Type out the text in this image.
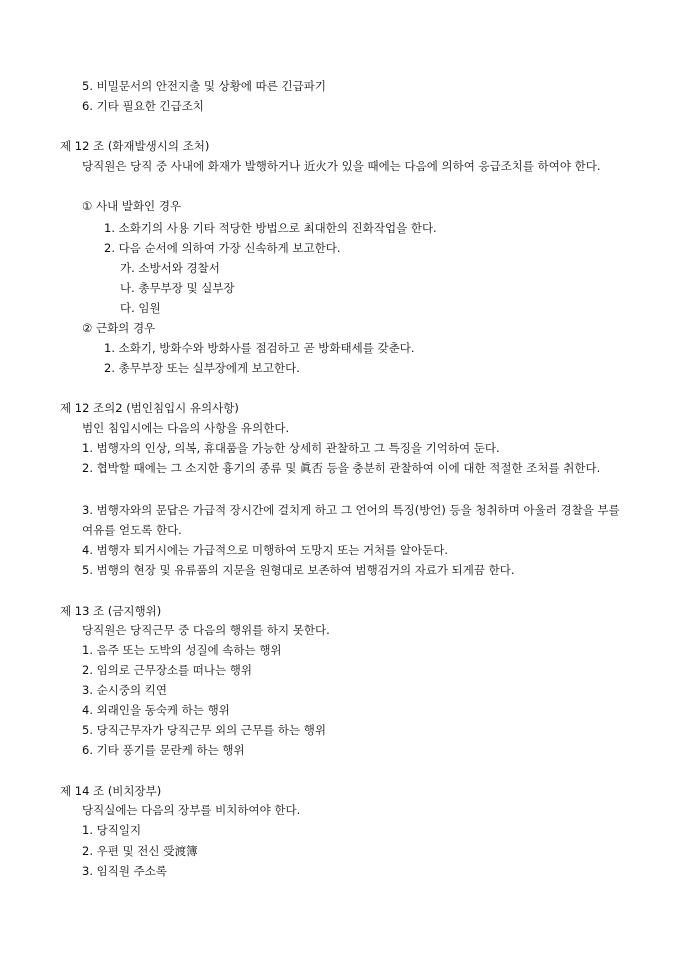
5. 비밀문서의 안전지출 및 상황에 따른 긴급파기
6. 기타 필요한 긴급조치
제 12 조 (화재발생시의 조처)
당직원은 당직 중 사내에 화재가 발행하거나 近火가 있을 때에는 다음에 의하여 응급조치를 하여야 한다.
① 사내 발화인 경우
1. 소화기의 사용 기타 적당한 방법으로 최대한의 진화작업을 한다.
2. 다음 순서에 의하여 가장 신속하게 보고한다.
가. 소방서와 경찰서
나. 총무부장 및 실부장
다. 임원
② 근화의 경우
1. 소화기, 방화수와 방화사를 점검하고 곧 방화태세를 갖춘다.
2. 총무부장 또는 실부장에게 보고한다.
제 12 조의2 (범인침입시 유의사항)
범인 침입시에는 다음의 사항을 유의한다.
1. 범행자의 인상, 의복, 휴대품을 가능한 상세히 관찰하고 그 특징을 기억하여 둔다.
2. 협박할 때에는 그 소지한 흉기의 종류 및 眞否 등을 충분히 관찰하여 이에 대한 적절한 조처를 취한다.
3. 범행자와의 문답은 가급적 장시간에 걸치게 하고 그 언어의 특징(방언) 등을 청취하며 아울러 경찰을 부를 여유를 얻도록 한다.
4. 범행자 퇴거시에는 가급적으로 미행하여 도망지 또는 거처를 알아둔다.
5. 범행의 현장 및 유류품의 지문을 원형대로 보존하여 범행검거의 자료가 되게끔 한다.
제 13 조 (금지행위)
당직원은 당직근무 중 다음의 행위를 하지 못한다.
1. 음주 또는 도박의 성질에 속하는 행위
2. 임의로 근무장소를 떠나는 행위
3. 순시중의 킥연
4. 외래인을 동숙케 하는 행위
5. 당직근무자가 당직근무 외의 근무를 하는 행위
6. 기타 풍기를 문란케 하는 행위
제 14 조 (비치장부)
당직실에는 다음의 장부를 비치하여야 한다.
1. 당직일지
2. 우편 및 전신 受渡簿
3. 임직원 주소록
